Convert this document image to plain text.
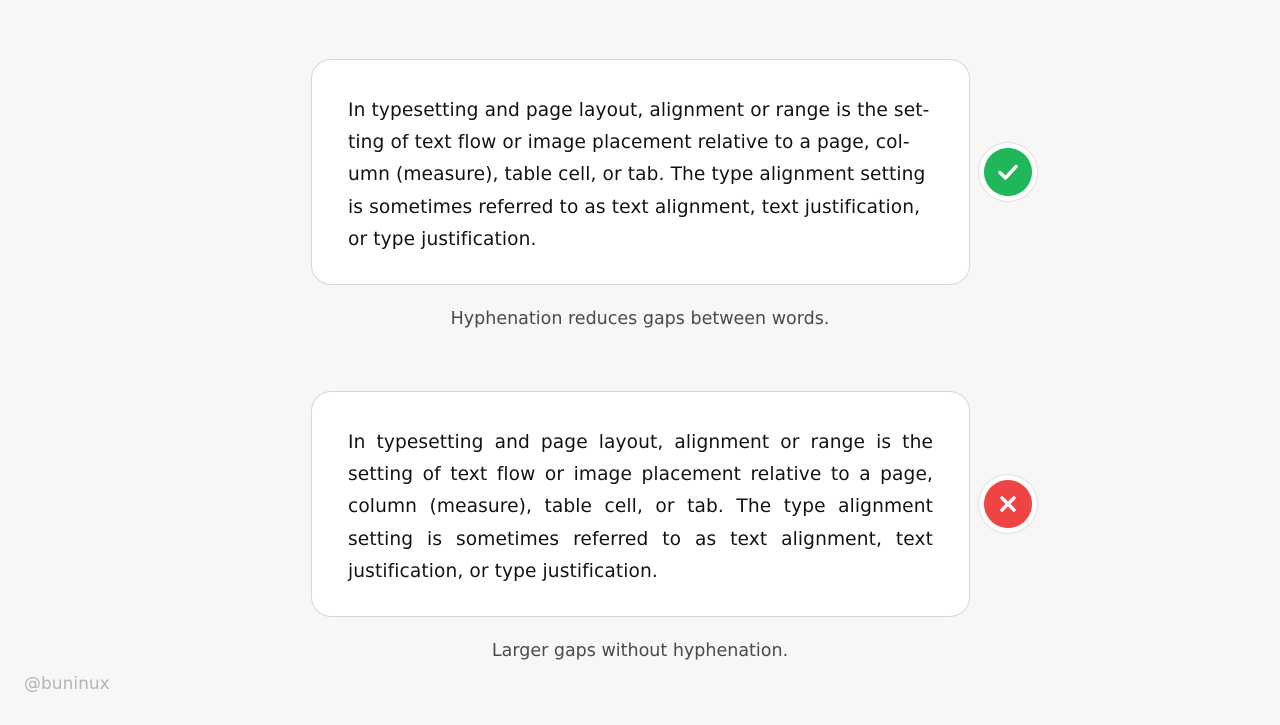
In typesetting and page layout, alignment or range is the set-
ting of text flow or image placement relative to a page, col-
umn (measure), table cell, or tab. The type alignment setting
is sometimes referred to as text alignment, text justification,
or type justification.

Hyphenation reduces gaps between words.

In typesetting and page layout, alignment or range is the
setting of text flow or image placement relative to a page,
column (measure), table cell, or tab. The type alignment
setting is sometimes referred to as text alignment, text
justification, or type justification.

Larger gaps without hyphenation.
@buninux
